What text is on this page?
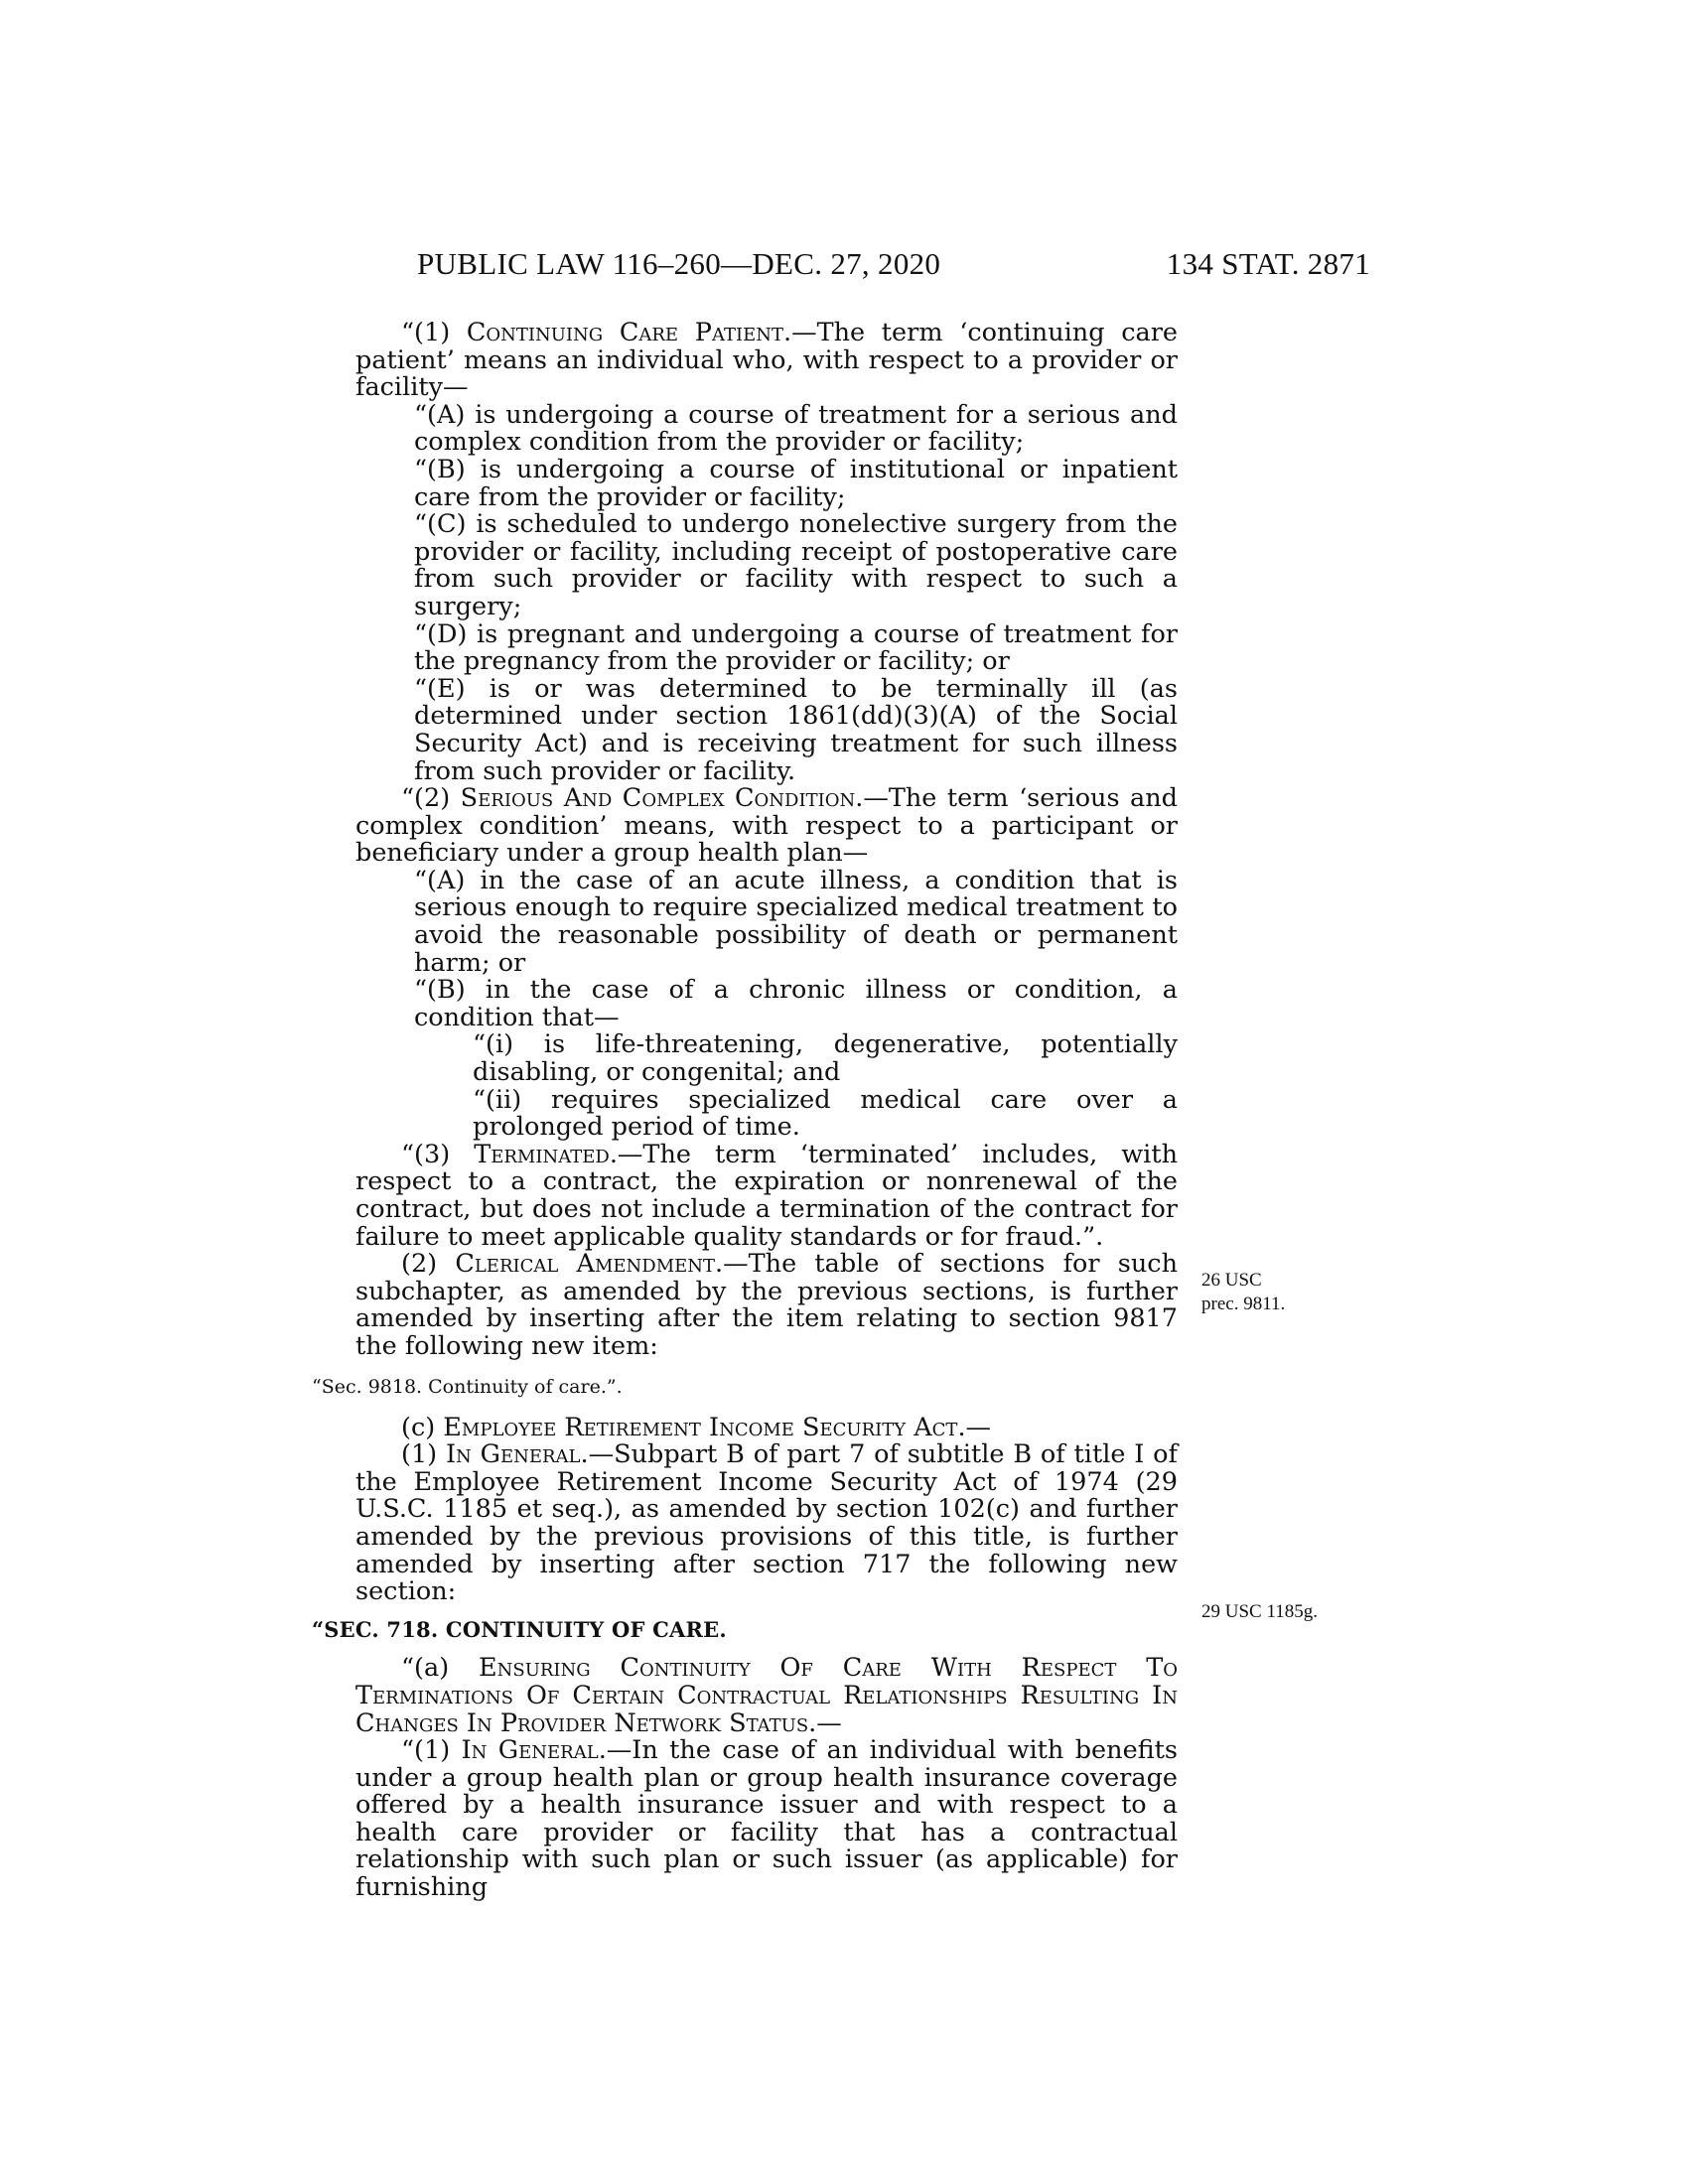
PUBLIC LAW 116–260—DEC. 27, 2020	134 STAT. 2871
“(1) Continuing Care Patient.—The term ‘continuing care patient’ means an individual who, with respect to a provider or facility—
“(A) is undergoing a course of treatment for a serious and complex condition from the provider or facility;
“(B) is undergoing a course of institutional or inpatient care from the provider or facility;
“(C) is scheduled to undergo nonelective surgery from the provider or facility, including receipt of postoperative care from such provider or facility with respect to such a surgery;
“(D) is pregnant and undergoing a course of treatment for the pregnancy from the provider or facility; or
“(E) is or was determined to be terminally ill (as determined under section 1861(dd)(3)(A) of the Social Security Act) and is receiving treatment for such illness from such provider or facility.
“(2) Serious And Complex Condition.—The term ‘serious and complex condition’ means, with respect to a participant or beneficiary under a group health plan—
“(A) in the case of an acute illness, a condition that is serious enough to require specialized medical treatment to avoid the reasonable possibility of death or permanent harm; or
“(B) in the case of a chronic illness or condition, a condition that—
“(i) is life-threatening, degenerative, potentially disabling, or congenital; and
“(ii) requires specialized medical care over a prolonged period of time.
“(3) Terminated.—The term ‘terminated’ includes, with respect to a contract, the expiration or nonrenewal of the contract, but does not include a termination of the contract for failure to meet applicable quality standards or for fraud.”.
(2) Clerical Amendment.—The table of sections for such subchapter, as amended by the previous sections, is further amended by inserting after the item relating to section 9817 the following new item:
“Sec. 9818. Continuity of care.”.
(c) Employee Retirement Income Security Act.—
(1) In General.—Subpart B of part 7 of subtitle B of title I of the Employee Retirement Income Security Act of 1974 (29 U.S.C. 1185 et seq.), as amended by section 102(c) and further amended by the previous provisions of this title, is further amended by inserting after section 717 the following new section:
“SEC. 718. CONTINUITY OF CARE.
“(a) Ensuring Continuity Of Care With Respect To Terminations Of Certain Contractual Relationships Resulting In Changes In Provider Network Status.—
“(1) In General.—In the case of an individual with benefits under a group health plan or group health insurance coverage offered by a health insurance issuer and with respect to a health care provider or facility that has a contractual relationship with such plan or such issuer (as applicable) for furnishing
26 USC
prec. 9811.
29 USC 1185g.
